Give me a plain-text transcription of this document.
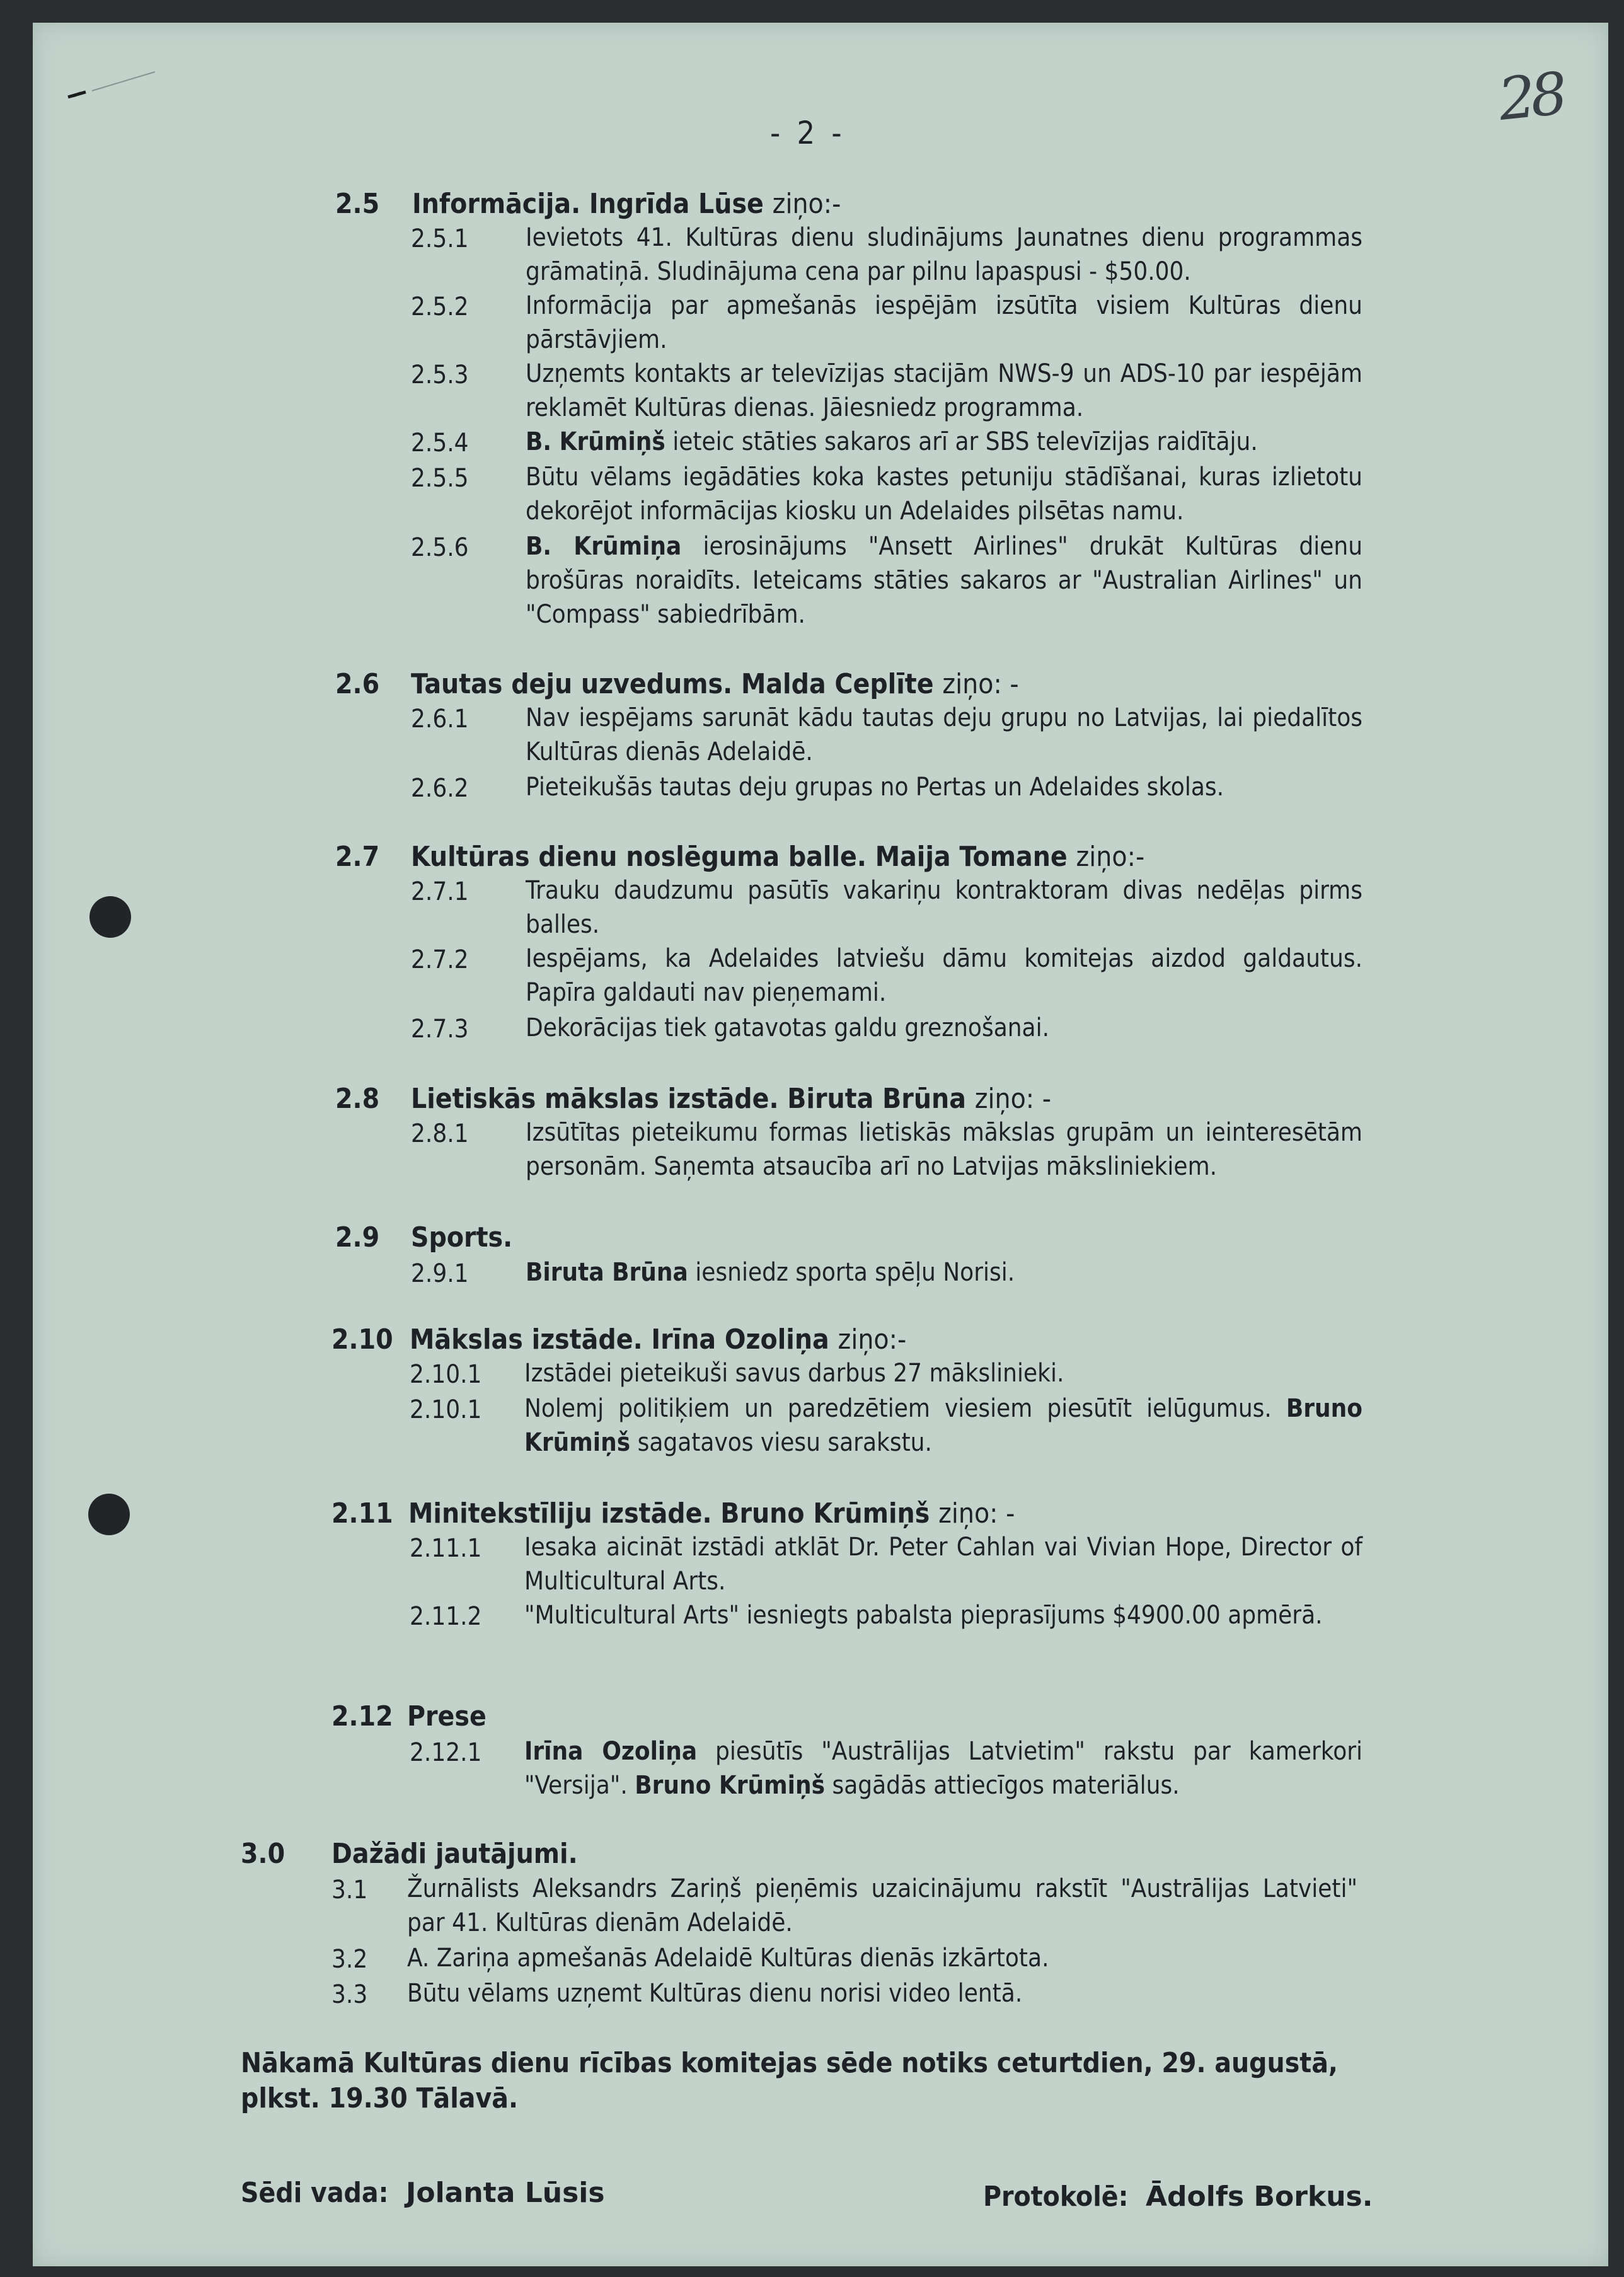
- 2 -	28
2.5 Informācija. Ingrīda Lūse ziņo:-
2.5.1 Ievietots 41. Kultūras dienu sludinājums Jaunatnes dienu programmas grāmatiņā. Sludinājuma cena par pilnu lapaspusi - $50.00.
2.5.2 Informācija par apmešanās iespējām izsūtīta visiem Kultūras dienu pārstāvjiem.
2.5.3 Uzņemts kontakts ar televīzijas stacijām NWS-9 un ADS-10 par iespējām reklamēt Kultūras dienas. Jāiesniedz programma.
2.5.4 B. Krūmiņš ieteic stāties sakaros arī ar SBS televīzijas raidītāju.
2.5.5 Būtu vēlams iegādāties koka kastes petuniju stādīšanai, kuras izlietotu dekorējot informācijas kiosku un Adelaides pilsētas namu.
2.5.6 B. Krūmiņa ierosinājums "Ansett Airlines" drukāt Kultūras dienu brošūras noraidīts. Ieteicams stāties sakaros ar "Australian Airlines" un "Compass" sabiedrībām.
2.6 Tautas deju uzvedums. Malda Ceplīte ziņo: -
2.6.1 Nav iespējams sarunāt kādu tautas deju grupu no Latvijas, lai piedalītos Kultūras dienās Adelaidē.
2.6.2 Pieteikušās tautas deju grupas no Pertas un Adelaides skolas.
2.7 Kultūras dienu noslēguma balle. Maija Tomane ziņo:-
2.7.1 Trauku daudzumu pasūtīs vakariņu kontraktoram divas nedēļas pirms balles.
2.7.2 Iespējams, ka Adelaides latviešu dāmu komitejas aizdod galdautus. Papīra galdauti nav pieņemami.
2.7.3 Dekorācijas tiek gatavotas galdu greznošanai.
2.8 Lietiskās mākslas izstāde. Biruta Brūna ziņo: -
2.8.1 Izsūtītas pieteikumu formas lietiskās mākslas grupām un ieinteresētām personām. Saņemta atsaucība arī no Latvijas māksliniekiem.
2.9 Sports.
2.9.1 Biruta Brūna iesniedz sporta spēļu Norisi.
2.10 Mākslas izstāde. Irīna Ozoliņa ziņo:-
2.10.1 Izstādei pieteikuši savus darbus 27 mākslinieki.
2.10.1 Nolemj politiķiem un paredzētiem viesiem piesūtīt ielūgumus. Bruno Krūmiņš sagatavos viesu sarakstu.
2.11 Minitekstīliju izstāde. Bruno Krūmiņš ziņo: -
2.11.1 Iesaka aicināt izstādi atklāt Dr. Peter Cahlan vai Vivian Hope, Director of Multicultural Arts.
2.11.2 "Multicultural Arts" iesniegts pabalsta pieprasījums $4900.00 apmērā.
2.12 Prese
2.12.1 Irīna Ozoliņa piesūtīs "Austrālijas Latvietim" rakstu par kamerkori "Versija". Bruno Krūmiņš sagādās attiecīgos materiālus.
3.0 Dažādi jautājumi.
3.1 Žurnālists Aleksandrs Zariņš pieņēmis uzaicinājumu rakstīt "Austrālijas Latvieti" par 41. Kultūras dienām Adelaidē.
3.2 A. Zariņa apmešanās Adelaidē Kultūras dienās izkārtota.
3.3 Būtu vēlams uzņemt Kultūras dienu norisi video lentā.
Nākamā Kultūras dienu rīcības komitejas sēde notiks ceturtdien, 29. augustā,
plkst. 19.30 Tālavā.
Sēdi vada: Jolanta Lūsis	Protokolē: Ādolfs Borkus.
